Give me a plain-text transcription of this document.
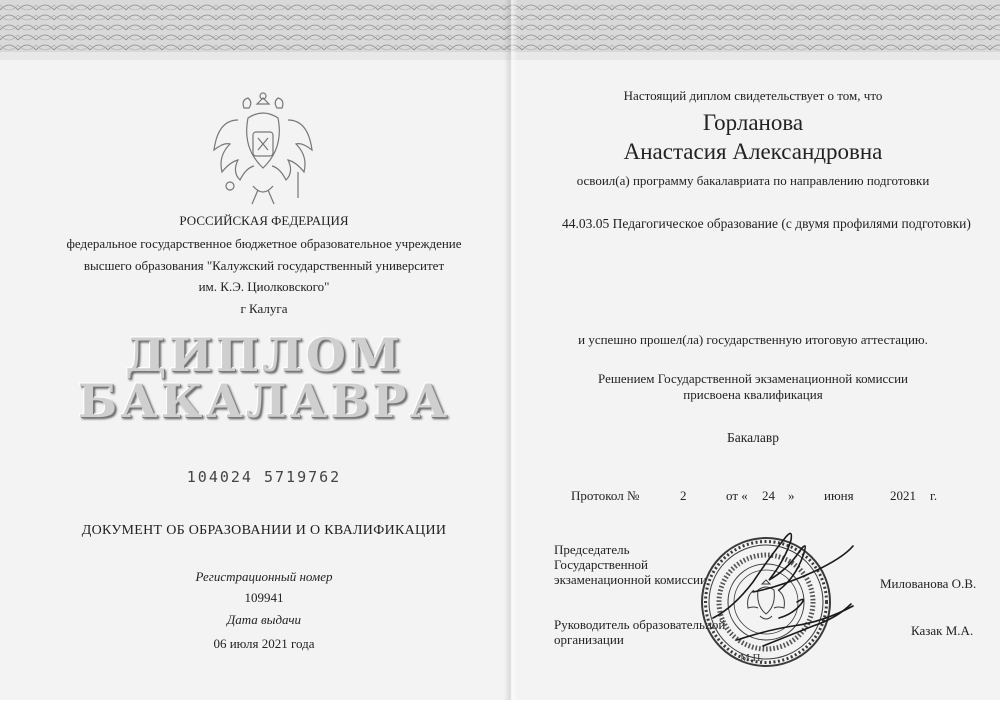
РОССИЙСКАЯ ФЕДЕРАЦИЯ
федеральное государственное бюджетное образовательное учреждение
высшего образования "Калужский государственный университет
им. К.Э. Циолковского"
г Калуга
ДИПЛОМ
БАКАЛАВРА
104024 5719762
ДОКУМЕНТ ОБ ОБРАЗОВАНИИ И О КВАЛИФИКАЦИИ
Регистрационный номер
109941
Дата выдачи
06 июля 2021 года
Настоящий диплом свидетельствует о том, что
Горланова
Анастасия Александровна
освоил(а) программу бакалавриата по направлению подготовки
44.03.05 Педагогическое образование (с двумя профилями подготовки)
и успешно прошел(ла) государственную итоговую аттестацию.
Решением Государственной экзаменационной комиссии
присвоена квалификация
Бакалавр
Протокол №	2	от « 24 » июня	2021 г.
Председатель
Государственной
экзаменационной комиссии	Милованова О.В.
Руководитель образовательной
организации
Казак М.А.
М.П.
